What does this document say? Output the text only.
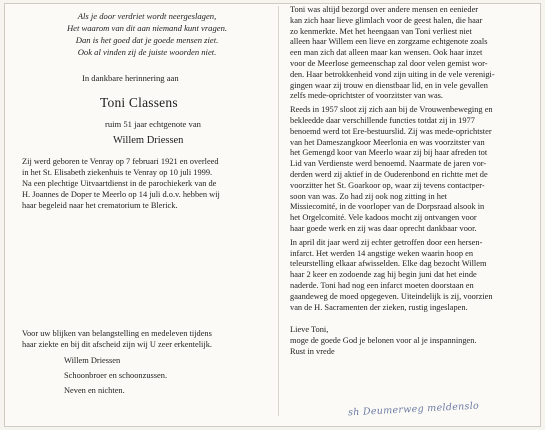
Als je door verdriet wordt neergeslagen,
Het waarom van dit aan niemand kunt vragen.
Dan is het goed dat je goede mensen ziet.
Ook al vinden zij de juiste woorden niet.
In dankbare herinnering aan
Toni Classens
ruim 51 jaar echtgenote van
Willem Driessen
Zij werd geboren te Venray op 7 februari 1921 en overleed
in het St. Elisabeth ziekenhuis te Venray op 10 juli 1999.
Na een plechtige Uitvaartdienst in de parochiekerk van de
H. Joannes de Doper te Meerlo op 14 juli d.o.v. hebben wij
haar begeleid naar het crematorium te Blerick.
Voor uw blijken van belangstelling en medeleven tijdens
haar ziekte en bij dit afscheid zijn wij U zeer erkentelijk.
Willem Driessen
Schoonbroer en schoonzussen.
Neven en nichten.
Toni was altijd bezorgd over andere mensen en eenieder
kan zich haar lieve glimlach voor de geest halen, die haar
zo kenmerkte. Met het heengaan van Toni verliest niet
alleen haar Willem een lieve en zorgzame echtgenote zoals
een man zich dat alleen maar kan wensen. Ook haar inzet
voor de Meerlose gemeenschap zal door velen gemist wor-
den. Haar betrokkenheid vond zijn uiting in de vele verenigi-
gingen waar zij trouw en dienstbaar lid, en in vele gevallen
zelfs mede-oprichtster of voorzitster van was.
Reeds in 1957 sloot zij zich aan bij de Vrouwenbeweging en
bekleedde daar verschillende functies totdat zij in 1977
benoemd werd tot Ere-bestuurslid. Zij was mede-oprichtster
van het Dameszangkoor Meerlonia en was voorzitster van
het Gemengd koor van Meerlo waar zij bij haar afreden tot
Lid van Verdienste werd benoemd. Naarmate de jaren vor-
derden werd zij aktief in de Ouderenbond en richtte met de
voorzitter het St. Goarkoor op, waar zij tevens contactper-
soon van was. Zo had zij ook nog zitting in het
Missiecomité, in de voorloper van de Dorpsraad alsook in
het Orgelcomité. Vele kadoos mocht zij ontvangen voor
haar goede werk en zij was daar oprecht dankbaar voor.
In april dit jaar werd zij echter getroffen door een hersen-
infarct. Het werden 14 angstige weken waarin hoop en
teleurstelling elkaar afwisselden. Elke dag bezocht Willem
haar 2 keer en zodoende zag hij begin juni dat het einde
naderde. Toni had nog een infarct moeten doorstaan en
gaandeweg de moed opgegeven. Uiteindelijk is zij, voorzien
van de H. Sacramenten der zieken, rustig ingeslapen.
Lieve Toni,
moge de goede God je belonen voor al je inspanningen.
Rust in vrede
sh Deumerweg meldenslo
